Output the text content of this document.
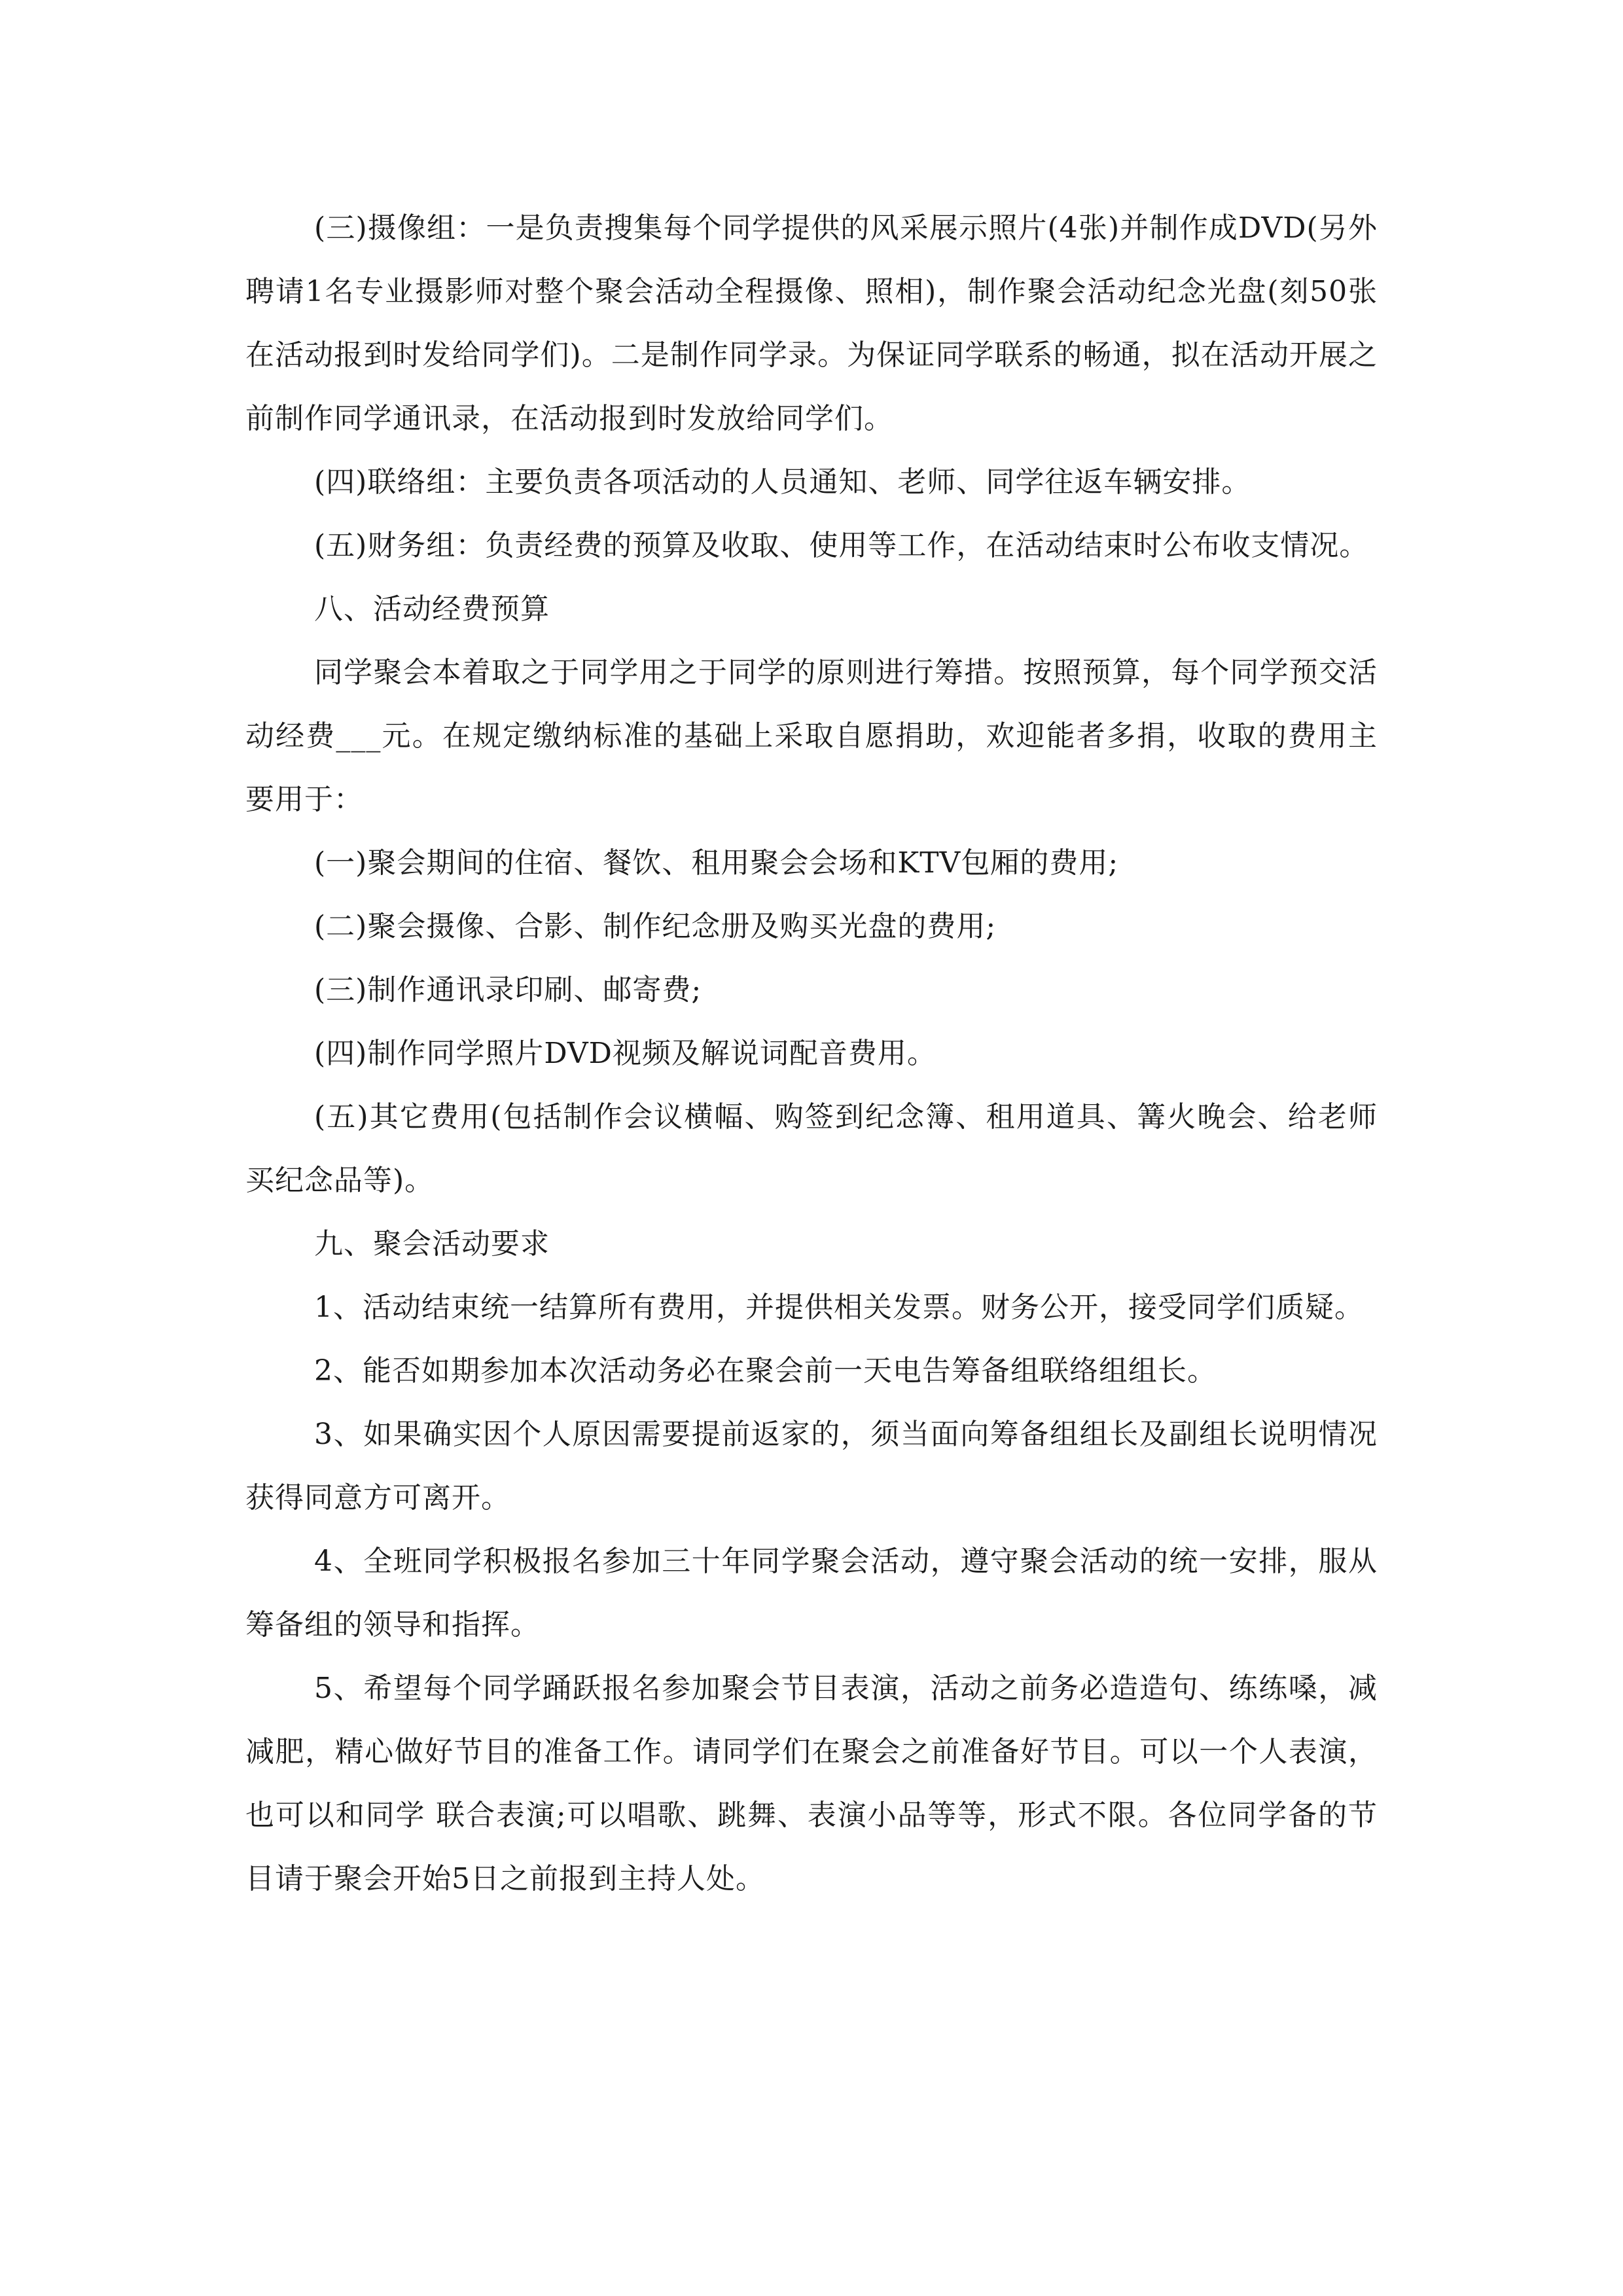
(三)摄像组：一是负责搜集每个同学提供的风采展示照片(4张)并制作成DVD(另外聘请1名专业摄影师对整个聚会活动全程摄像、照相)，制作聚会活动纪念光盘(刻50张在活动报到时发给同学们)。二是制作同学录。为保证同学联系的畅通，拟在活动开展之前制作同学通讯录，在活动报到时发放给同学们。

(四)联络组：主要负责各项活动的人员通知、老师、同学往返车辆安排。

(五)财务组：负责经费的预算及收取、使用等工作，在活动结束时公布收支情况。

八、活动经费预算

同学聚会本着取之于同学用之于同学的原则进行筹措。按照预算，每个同学预交活动经费___元。在规定缴纳标准的基础上采取自愿捐助，欢迎能者多捐，收取的费用主要用于：

(一)聚会期间的住宿、餐饮、租用聚会会场和KTV包厢的费用;

(二)聚会摄像、合影、制作纪念册及购买光盘的费用;

(三)制作通讯录印刷、邮寄费;

(四)制作同学照片DVD视频及解说词配音费用。

(五)其它费用(包括制作会议横幅、购签到纪念簿、租用道具、篝火晚会、给老师买纪念品等)。

九、聚会活动要求

1、活动结束统一结算所有费用，并提供相关发票。财务公开，接受同学们质疑。

2、能否如期参加本次活动务必在聚会前一天电告筹备组联络组组长。

3、如果确实因个人原因需要提前返家的，须当面向筹备组组长及副组长说明情况获得同意方可离开。

4、全班同学积极报名参加三十年同学聚会活动，遵守聚会活动的统一安排，服从筹备组的领导和指挥。

5、希望每个同学踊跃报名参加聚会节目表演，活动之前务必造造句、练练嗓，减减肥，精心做好节目的准备工作。请同学们在聚会之前准备好节目。可以一个人表演，也可以和同学 联合表演;可以唱歌、跳舞、表演小品等等，形式不限。各位同学备的节目请于聚会开始5日之前报到主持人处。
